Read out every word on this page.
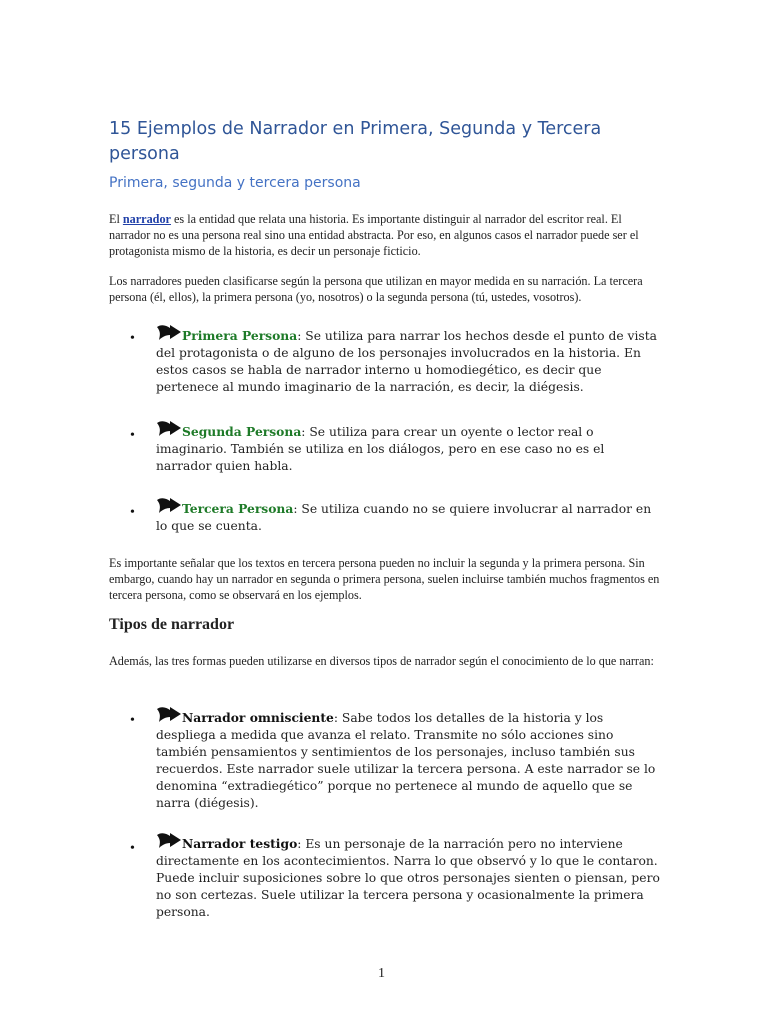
15 Ejemplos de Narrador en Primera, Segunda y Tercera persona
Primera, segunda y tercera persona

El narrador es la entidad que relata una historia. Es importante distinguir al narrador del escritor real. El narrador no es una persona real sino una entidad abstracta. Por eso, en algunos casos el narrador puede ser el protagonista mismo de la historia, es decir un personaje ficticio.

Los narradores pueden clasificarse según la persona que utilizan en mayor medida en su narración. La tercera persona (él, ellos), la primera persona (yo, nosotros) o la segunda persona (tú, ustedes, vosotros).

•	Primera Persona: Se utiliza para narrar los hechos desde el punto de vista del protagonista o de alguno de los personajes involucrados en la historia. En estos casos se habla de narrador interno u homodiegético, es decir que pertenece al mundo imaginario de la narración, es decir, la diégesis.

•	Segunda Persona: Se utiliza para crear un oyente o lector real o imaginario. También se utiliza en los diálogos, pero en ese caso no es el narrador quien habla.

•	Tercera Persona: Se utiliza cuando no se quiere involucrar al narrador en lo que se cuenta.

Es importante señalar que los textos en tercera persona pueden no incluir la segunda y la primera persona. Sin embargo, cuando hay un narrador en segunda o primera persona, suelen incluirse también muchos fragmentos en tercera persona, como se observará en los ejemplos.

Tipos de narrador

Además, las tres formas pueden utilizarse en diversos tipos de narrador según el conocimiento de lo que narran:

•	Narrador omnisciente: Sabe todos los detalles de la historia y los despliega a medida que avanza el relato. Transmite no sólo acciones sino también pensamientos y sentimientos de los personajes, incluso también sus recuerdos. Este narrador suele utilizar la tercera persona. A este narrador se lo denomina “extradiegético” porque no pertenece al mundo de aquello que se narra (diégesis).

•	Narrador testigo: Es un personaje de la narración pero no interviene directamente en los acontecimientos. Narra lo que observó y lo que le contaron. Puede incluir suposiciones sobre lo que otros personajes sienten o piensan, pero no son certezas. Suele utilizar la tercera persona y ocasionalmente la primera persona.

1
